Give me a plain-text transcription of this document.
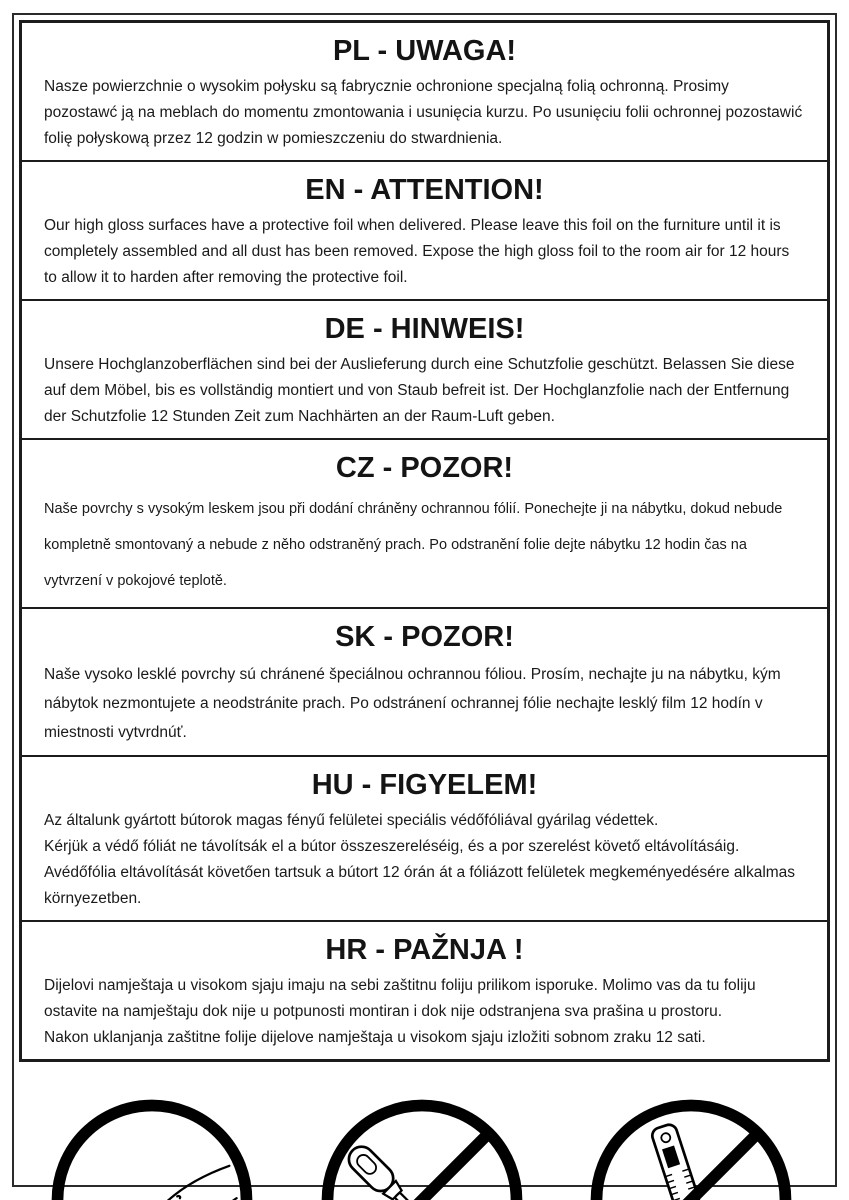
PL - UWAGA!

Nasze powierzchnie o wysokim połysku są fabrycznie ochronione specjalną folią ochronną. Prosimy pozostawć ją na meblach do momentu zmontowania i usunięcia kurzu. Po usunięciu folii ochronnej pozostawić folię połyskową przez 12 godzin w pomieszczeniu do stwardnienia.

EN - ATTENTION!

Our high gloss surfaces have a protective foil when delivered. Please leave this foil on the furniture until it is completely assembled and all dust has been removed. Expose the high gloss foil to the room air for 12 hours to allow it to harden after removing the protective foil.

DE - HINWEIS!

Unsere Hochglanzoberflächen sind bei der Auslieferung durch eine Schutzfolie geschützt. Belassen Sie diese auf dem Möbel, bis es vollständig montiert und von Staub befreit ist. Der Hochglanzfolie nach der Entfernung der Schutzfolie 12 Stunden Zeit zum Nachhärten an der Raum-Luft geben.

CZ - POZOR!

Naše povrchy s vysokým leskem jsou při dodání chráněny ochrannou fólií. Ponechejte ji na nábytku, dokud nebude kompletně smontovaný a nebude z něho odstraněný prach. Po odstranění folie dejte nábytku 12 hodin čas na vytvrzení v pokojové teplotě.

SK - POZOR!

Naše vysoko lesklé povrchy sú chránené špeciálnou ochrannou fóliou. Prosím, nechajte ju na nábytku, kým nábytok nezmontujete a neodstránite prach. Po odstránení ochrannej fólie nechajte lesklý film 12 hodín v miestnosti vytvrdnúť.

HU - FIGYELEM!

Az általunk gyártott bútorok magas fényű felületei speciális védőfóliával gyárilag védettek.

Kérjük a védő fóliát ne távolítsák el a bútor összeszereléséig, és a por szerelést követő eltávolításáig.

Avédőfólia eltávolítását követően tartsuk a bútort 12 órán át a fóliázott felületek megkeményedésére alkalmas környezetben.

HR - PAŽNJA !

Dijelovi namještaja u visokom sjaju imaju na sebi zaštitnu foliju prilikom isporuke. Molimo vas da tu foliju ostavite na namještaju dok nije u potpunosti montiran i dok nije odstranjena sva prašina u prostoru.

Nakon uklanjanja zaštitne folije dijelove namještaja u visokom sjaju izložiti sobnom zraku 12 sati.
